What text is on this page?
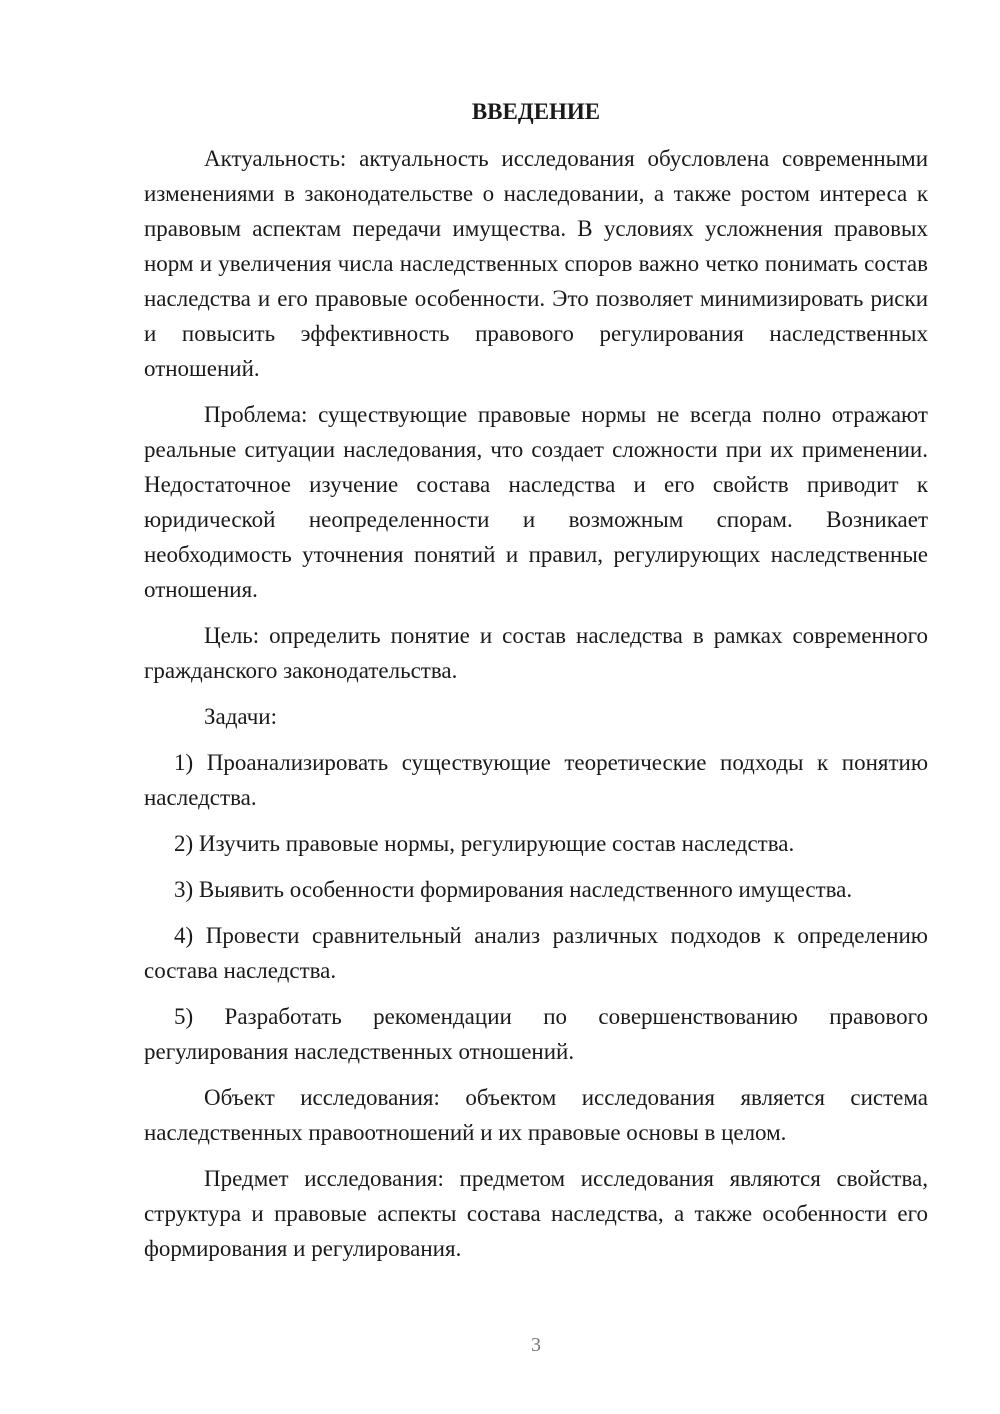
ВВЕДЕНИЕ

Актуальность: актуальность исследования обусловлена современными изменениями в законодательстве о наследовании, а также ростом интереса к правовым аспектам передачи имущества. В условиях усложнения правовых норм и увеличения числа наследственных споров важно четко понимать состав наследства и его правовые особенности. Это позволяет минимизировать риски и повысить эффективность правового регулирования наследственных отношений.

Проблема: существующие правовые нормы не всегда полно отражают реальные ситуации наследования, что создает сложности при их применении. Недостаточное изучение состава наследства и его свойств приводит к юридической неопределенности и возможным спорам. Возникает необходимость уточнения понятий и правил, регулирующих наследственные отношения.

Цель: определить понятие и состав наследства в рамках современного гражданского законодательства.

Задачи:

1) Проанализировать существующие теоретические подходы к понятию наследства.

2) Изучить правовые нормы, регулирующие состав наследства.

3) Выявить особенности формирования наследственного имущества.

4) Провести сравнительный анализ различных подходов к определению состава наследства.

5) Разработать рекомендации по совершенствованию правового регулирования наследственных отношений.

Объект исследования: объектом исследования является система наследственных правоотношений и их правовые основы в целом.

Предмет исследования: предметом исследования являются свойства, структура и правовые аспекты состава наследства, а также особенности его формирования и регулирования.

3
